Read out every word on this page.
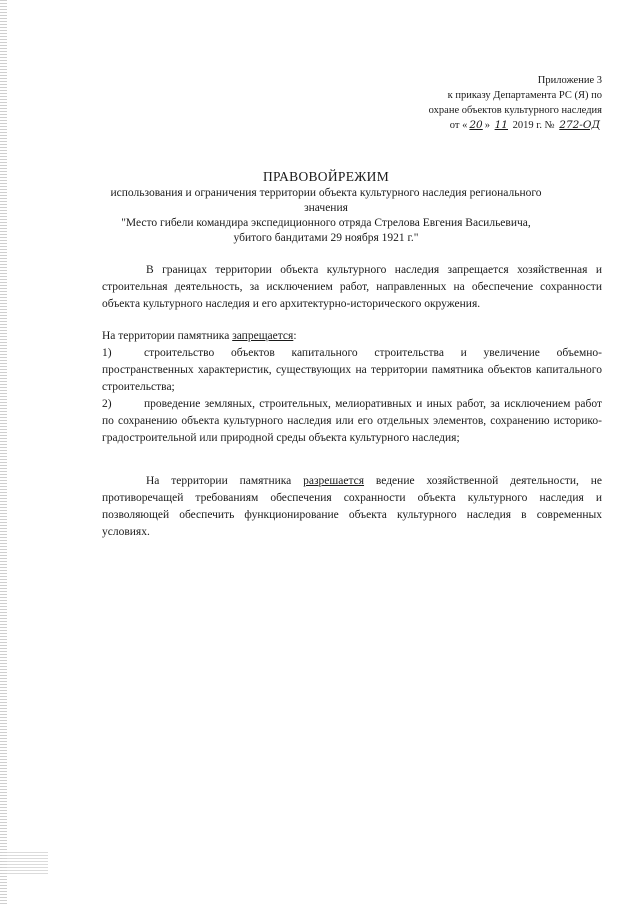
Приложение 3
к приказу Департамента РС (Я) по
охране объектов культурного наследия
от « 20 » 11 2019 г. № 272-ОД
ПРАВОВОЙРЕЖИМ
использования и ограничения территории объекта культурного наследия регионального значения
"Место гибели командира экспедиционного отряда Стрелова Евгения Васильевича,
убитого бандитами 29 ноября 1921 г."

В границах территории объекта культурного наследия запрещается хозяйственная и строительная деятельность, за исключением работ, направленных на обеспечение сохранности объекта культурного наследия и его архитектурно-исторического окружения.

На территории памятника запрещается:

1)	строительство объектов капитального строительства и увеличение объемно-пространственных характеристик, существующих на территории памятника объектов капитального строительства;

2)	проведение земляных, строительных, мелиоративных и иных работ, за исключением работ по сохранению объекта культурного наследия или его отдельных элементов, сохранению историко-градостроительной или природной среды объекта культурного наследия;

На территории памятника разрешается ведение хозяйственной деятельности, не противоречащей требованиям обеспечения сохранности объекта культурного наследия и позволяющей обеспечить функционирование объекта культурного наследия в современных условиях.
